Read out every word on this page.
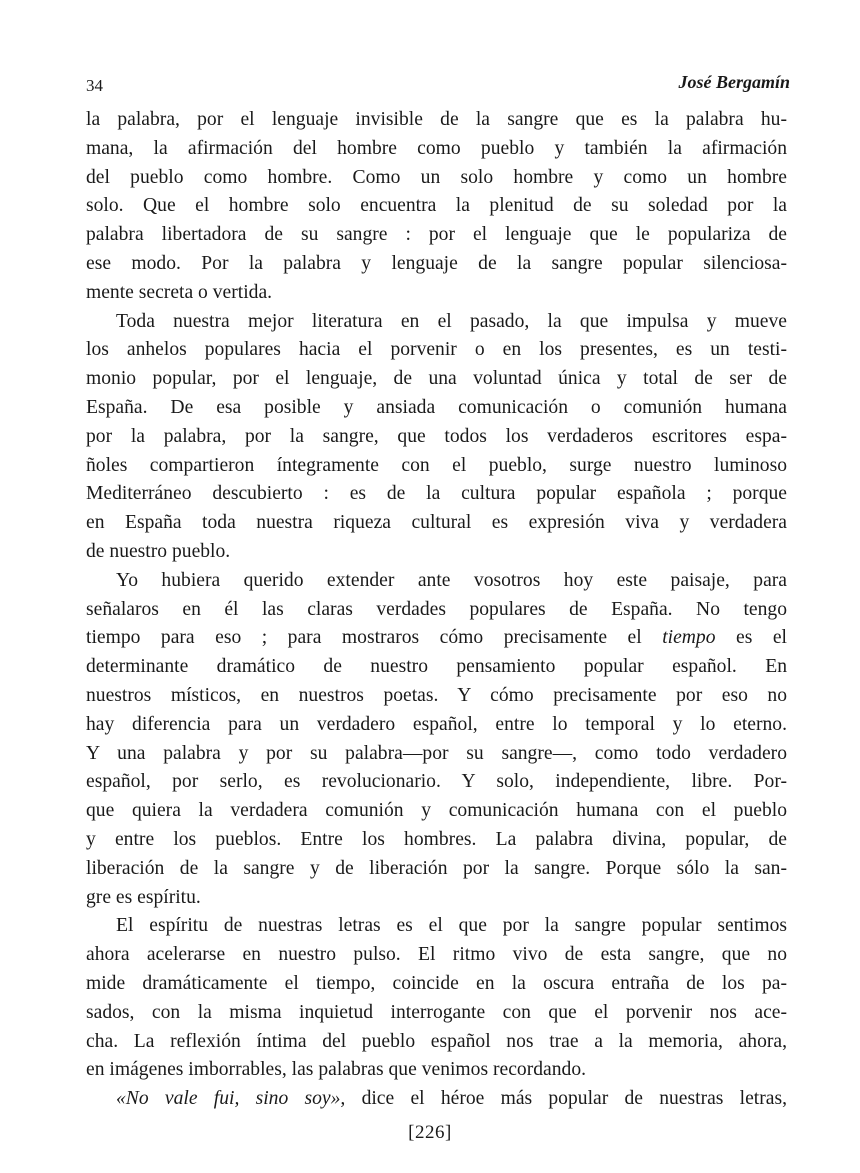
34	José Bergamín

la palabra, por el lenguaje invisible de la sangre que es la palabra hu-
mana, la afirmación del hombre como pueblo y también la afirmación
del pueblo como hombre. Como un solo hombre y como un hombre
solo. Que el hombre solo encuentra la plenitud de su soledad por la
palabra libertadora de su sangre : por el lenguaje que le populariza de
ese modo. Por la palabra y lenguaje de la sangre popular silenciosa-
mente secreta o vertida.

Toda nuestra mejor literatura en el pasado, la que impulsa y mueve
los anhelos populares hacia el porvenir o en los presentes, es un testi-
monio popular, por el lenguaje, de una voluntad única y total de ser de
España. De esa posible y ansiada comunicación o comunión humana
por la palabra, por la sangre, que todos los verdaderos escritores espa-
ñoles compartieron íntegramente con el pueblo, surge nuestro luminoso
Mediterráneo descubierto : es de la cultura popular española ; porque
en España toda nuestra riqueza cultural es expresión viva y verdadera
de nuestro pueblo.

Yo hubiera querido extender ante vosotros hoy este paisaje, para
señalaros en él las claras verdades populares de España. No tengo
tiempo para eso ; para mostraros cómo precisamente el tiempo es el
determinante dramático de nuestro pensamiento popular español. En
nuestros místicos, en nuestros poetas. Y cómo precisamente por eso no
hay diferencia para un verdadero español, entre lo temporal y lo eterno.
Y una palabra y por su palabra—por su sangre—, como todo verdadero
español, por serlo, es revolucionario. Y solo, independiente, libre. Por-
que quiera la verdadera comunión y comunicación humana con el pueblo
y entre los pueblos. Entre los hombres. La palabra divina, popular, de
liberación de la sangre y de liberación por la sangre. Porque sólo la san-
gre es espíritu.

El espíritu de nuestras letras es el que por la sangre popular sentimos
ahora acelerarse en nuestro pulso. El ritmo vivo de esta sangre, que no
mide dramáticamente el tiempo, coincide en la oscura entraña de los pa-
sados, con la misma inquietud interrogante con que el porvenir nos ace-
cha. La reflexión íntima del pueblo español nos trae a la memoria, ahora,
en imágenes imborrables, las palabras que venimos recordando.

«No vale fui, sino soy», dice el héroe más popular de nuestras letras,

[226]
